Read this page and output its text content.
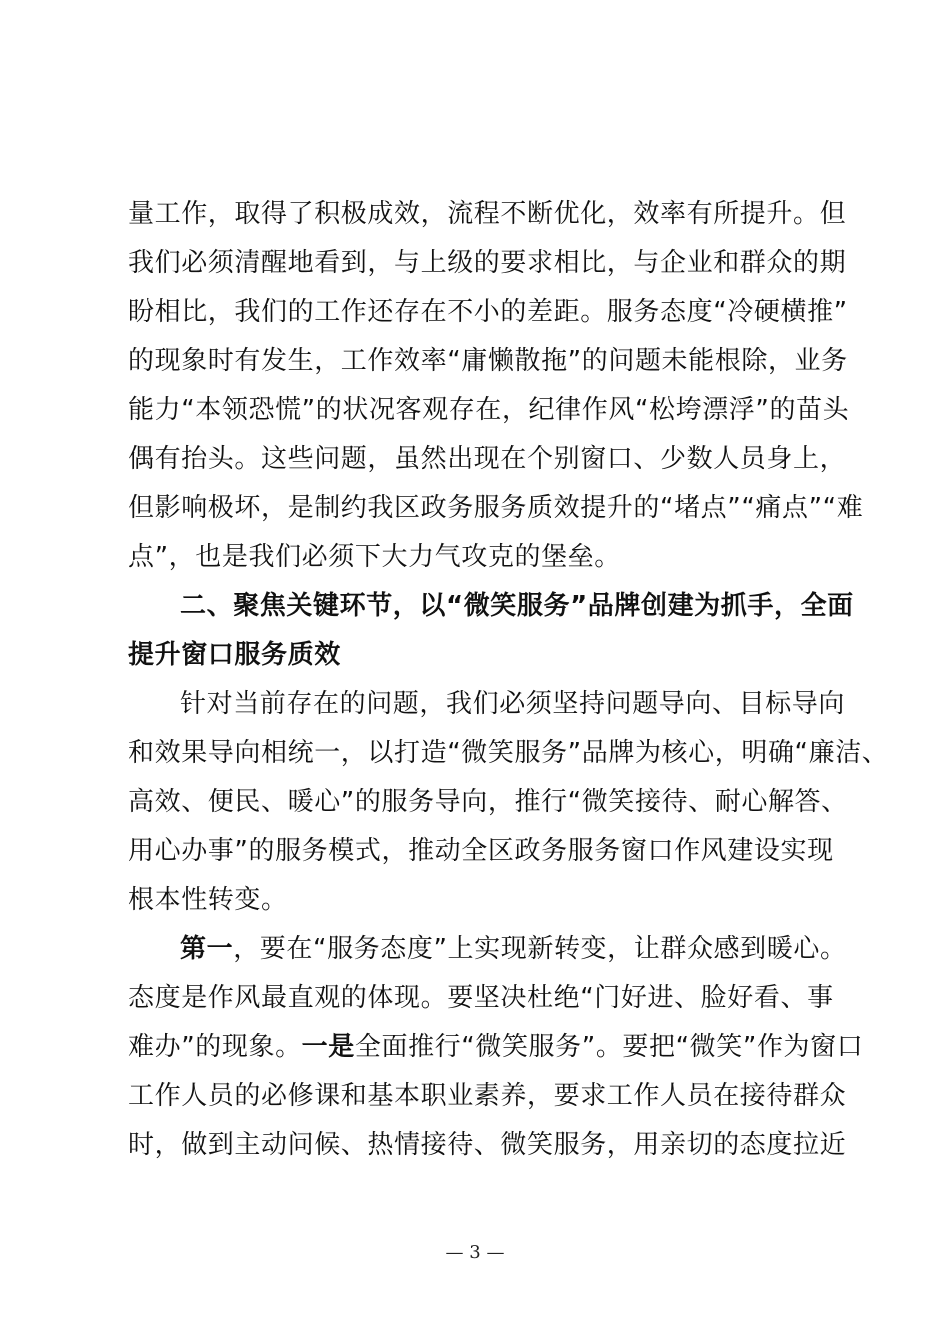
量工作，取得了积极成效，流程不断优化，效率有所提升。但
我们必须清醒地看到，与上级的要求相比，与企业和群众的期
盼相比，我们的工作还存在不小的差距。服务态度“冷硬横推”
的现象时有发生，工作效率“庸懒散拖”的问题未能根除，业务
能力“本领恐慌”的状况客观存在，纪律作风“松垮漂浮”的苗头
偶有抬头。这些问题，虽然出现在个别窗口、少数人员身上，
但影响极坏，是制约我区政务服务质效提升的“堵点”“痛点”“难
点”，也是我们必须下大力气攻克的堡垒。
二、聚焦关键环节，以“微笑服务”品牌创建为抓手，全面
提升窗口服务质效
针对当前存在的问题，我们必须坚持问题导向、目标导向
和效果导向相统一，以打造“微笑服务”品牌为核心，明确“廉洁、
高效、便民、暖心”的服务导向，推行“微笑接待、耐心解答、
用心办事”的服务模式，推动全区政务服务窗口作风建设实现
根本性转变。
第一，要在“服务态度”上实现新转变，让群众感到暖心。
态度是作风最直观的体现。要坚决杜绝“门好进、脸好看、事
难办”的现象。一是全面推行“微笑服务”。要把“微笑”作为窗口
工作人员的必修课和基本职业素养，要求工作人员在接待群众
时，做到主动问候、热情接待、微笑服务，用亲切的态度拉近
— 3 —
